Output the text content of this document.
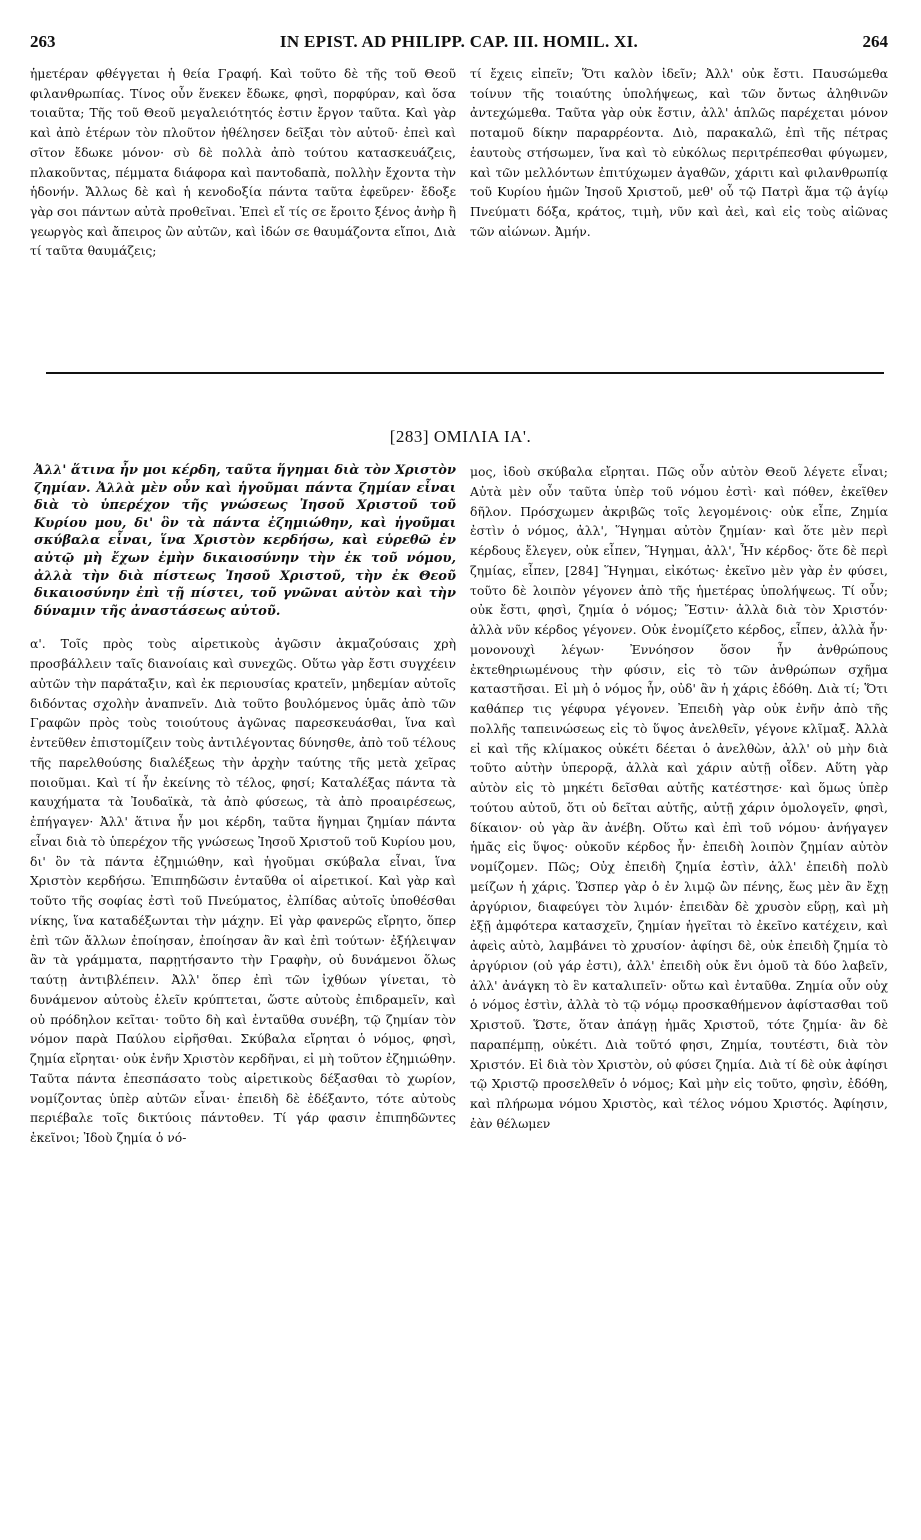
263	IN EPIST. AD PHILIPP. CAP. III. HOMIL. XI.	264

ἡμετέραν φθέγγεται ἡ θεία Γραφή. Καὶ τοῦτο δὲ τῆς τοῦ Θεοῦ φιλανθρωπίας. Τίνος οὖν ἕνεκεν ἔδωκε, φησὶ, πορφύραν, καὶ ὅσα τοιαῦτα; Τῆς τοῦ Θεοῦ μεγαλειότητός ἐστιν ἔργον ταῦτα. Καὶ γὰρ καὶ ἀπὸ ἑτέρων τὸν πλοῦτον ἠθέλησεν δεῖξαι τὸν αὐτοῦ· ἐπεὶ καὶ σῖτον ἔδωκε μόνον· σὺ δὲ πολλὰ ἀπὸ τούτου κατασκευάζεις, πλακοῦντας, πέμματα διάφορα καὶ παντοδαπὰ, πολλὴν ἔχοντα τὴν ἡδονήν. Ἄλλως δὲ καὶ ἡ κενοδοξία πάντα ταῦτα ἐφεῦρεν· ἔδοξε γὰρ σοι πάντων αὐτὰ προθεῖναι. Ἐπεὶ εἴ τίς σε ἔροιτο ξένος ἀνὴρ ἢ γεωργὸς καὶ ἄπειρος ὢν αὐτῶν, καὶ ἰδών σε θαυμάζοντα εἴποι, Διὰ τί ταῦτα θαυμάζεις;

τί ἔχεις εἰπεῖν; Ὅτι καλὸν ἰδεῖν; Ἀλλ' οὐκ ἔστι. Παυσώμεθα τοίνυν τῆς τοιαύτης ὑπολήψεως, καὶ τῶν ὄντως ἀληθινῶν ἀντεχώμεθα. Ταῦτα γὰρ οὐκ ἔστιν, ἀλλ' ἁπλῶς παρέχεται μόνον ποταμοῦ δίκην παραρρέοντα. Διὸ, παρακαλῶ, ἐπὶ τῆς πέτρας ἑαυτοὺς στήσωμεν, ἵνα καὶ τὸ εὐκόλως περιτρέπεσθαι φύγωμεν, καὶ τῶν μελλόντων ἐπιτύχωμεν ἀγαθῶν, χάριτι καὶ φιλανθρωπίᾳ τοῦ Κυρίου ἡμῶν Ἰησοῦ Χριστοῦ, μεθ' οὗ τῷ Πατρὶ ἅμα τῷ ἁγίῳ Πνεύματι δόξα, κράτος, τιμὴ, νῦν καὶ ἀεὶ, καὶ εἰς τοὺς αἰῶνας τῶν αἰώνων. Ἀμήν.

[283] ΟΜΙΛΙΑ ΙΑ'.

Ἀλλ' ἅτινα ἦν μοι κέρδη, ταῦτα ἥγημαι διὰ τὸν Χριστὸν ζημίαν. Ἀλλὰ μὲν οὖν καὶ ἡγοῦμαι πάντα ζημίαν εἶναι διὰ τὸ ὑπερέχον τῆς γνώσεως Ἰησοῦ Χριστοῦ τοῦ Κυρίου μου, δι' ὃν τὰ πάντα ἐζημιώθην, καὶ ἡγοῦμαι σκύβαλα εἶναι, ἵνα Χριστὸν κερδήσω, καὶ εὑρεθῶ ἐν αὐτῷ μὴ ἔχων ἐμὴν δικαιοσύνην τὴν ἐκ τοῦ νόμου, ἀλλὰ τὴν διὰ πίστεως Ἰησοῦ Χριστοῦ, τὴν ἐκ Θεοῦ δικαιοσύνην ἐπὶ τῇ πίστει, τοῦ γνῶναι αὐτὸν καὶ τὴν δύναμιν τῆς ἀναστάσεως αὐτοῦ.

α'. Τοῖς πρὸς τοὺς αἱρετικοὺς ἀγῶσιν ἀκμαζούσαις χρὴ προσβάλλειν ταῖς διανοίαις καὶ συνεχῶς. Οὕτω γὰρ ἔστι συγχέειν αὐτῶν τὴν παράταξιν, καὶ ἐκ περιουσίας κρατεῖν, μηδεμίαν αὐτοῖς διδόντας σχολὴν ἀναπνεῖν. Διὰ τοῦτο βουλόμενος ὑμᾶς ἀπὸ τῶν Γραφῶν πρὸς τοὺς τοιούτους ἀγῶνας παρεσκευάσθαι, ἵνα καὶ ἐντεῦθεν ἐπιστομίζειν τοὺς ἀντιλέγοντας δύνησθε, ἀπὸ τοῦ τέλους τῆς παρελθούσης διαλέξεως τὴν ἀρχὴν ταύτης τῆς μετὰ χεῖρας ποιοῦμαι. Καὶ τί ἦν ἐκείνης τὸ τέλος, φησί; Καταλέξας πάντα τὰ καυχήματα τὰ Ἰουδαϊκὰ, τὰ ἀπὸ φύσεως, τὰ ἀπὸ προαιρέσεως, ἐπήγαγεν· Ἀλλ' ἅτινα ἦν μοι κέρδη, ταῦτα ἥγημαι ζημίαν πάντα εἶναι διὰ τὸ ὑπερέχον τῆς γνώσεως Ἰησοῦ Χριστοῦ τοῦ Κυρίου μου, δι' ὃν τὰ πάντα ἐζημιώθην, καὶ ἡγοῦμαι σκύβαλα εἶναι, ἵνα Χριστὸν κερδήσω. Ἐπιπηδῶσιν ἐνταῦθα οἱ αἱρετικοί. Καὶ γὰρ καὶ τοῦτο τῆς σοφίας ἐστὶ τοῦ Πνεύματος, ἐλπίδας αὐτοῖς ὑποθέσθαι νίκης, ἵνα καταδέξωνται τὴν μάχην. Εἰ γὰρ φανερῶς εἴρητο, ὅπερ ἐπὶ τῶν ἄλλων ἐποίησαν, ἐποίησαν ἂν καὶ ἐπὶ τούτων· ἐξήλειψαν ἂν τὰ γράμματα, παρῃτήσαντο τὴν Γραφὴν, οὐ δυνάμενοι ὅλως ταύτῃ ἀντιβλέπειν. Ἀλλ' ὅπερ ἐπὶ τῶν ἰχθύων γίνεται, τὸ δυνάμενον αὐτοὺς ἑλεῖν κρύπτεται, ὥστε αὐτοὺς ἐπιδραμεῖν, καὶ οὐ πρόδηλον κεῖται· τοῦτο δὴ καὶ ἐνταῦθα συνέβη, τῷ ζημίαν τὸν νόμον παρὰ Παύλου εἰρῆσθαι. Σκύβαλα εἴρηται ὁ νόμος, φησὶ, ζημία εἴρηται· οὐκ ἐνῆν Χριστὸν κερδῆναι, εἰ μὴ τοῦτον ἐζημιώθην. Ταῦτα πάντα ἐπεσπάσατο τοὺς αἱρετικοὺς δέξασθαι τὸ χωρίον, νομίζοντας ὑπὲρ αὐτῶν εἶναι· ἐπειδὴ δὲ ἐδέξαντο, τότε αὐτοὺς περιέβαλε τοῖς δικτύοις πάντοθεν. Τί γάρ φασιν ἐπιπηδῶντες ἐκεῖνοι; Ἰδοὺ ζημία ὁ νό-

μος, ἰδοὺ σκύβαλα εἴρηται. Πῶς οὖν αὐτὸν Θεοῦ λέγετε εἶναι; Αὐτὰ μὲν οὖν ταῦτα ὑπὲρ τοῦ νόμου ἐστὶ· καὶ πόθεν, ἐκεῖθεν δῆλον. Πρόσχωμεν ἀκριβῶς τοῖς λεγομένοις· οὐκ εἶπε, Ζημία ἐστὶν ὁ νόμος, ἀλλ', Ἥγημαι αὐτὸν ζημίαν· καὶ ὅτε μὲν περὶ κέρδους ἔλεγεν, οὐκ εἶπεν, Ἥγημαι, ἀλλ', Ἦν κέρδος· ὅτε δὲ περὶ ζημίας, εἶπεν, [284] Ἥγημαι, εἰκότως· ἐκεῖνο μὲν γὰρ ἐν φύσει, τοῦτο δὲ λοιπὸν γέγονεν ἀπὸ τῆς ἡμετέρας ὑπολήψεως. Τί οὖν; οὐκ ἔστι, φησὶ, ζημία ὁ νόμος; Ἔστιν· ἀλλὰ διὰ τὸν Χριστόν· ἀλλὰ νῦν κέρδος γέγονεν. Οὐκ ἐνομίζετο κέρδος, εἶπεν, ἀλλὰ ἦν· μονονουχὶ λέγων· Ἐννόησον ὅσον ἦν ἀνθρώπους ἐκτεθηριωμένους τὴν φύσιν, εἰς τὸ τῶν ἀνθρώπων σχῆμα καταστῆσαι. Εἰ μὴ ὁ νόμος ἦν, οὐδ' ἂν ἡ χάρις ἐδόθη. Διὰ τί; Ὅτι καθάπερ τις γέφυρα γέγονεν. Ἐπειδὴ γὰρ οὐκ ἐνῆν ἀπὸ τῆς πολλῆς ταπεινώσεως εἰς τὸ ὕψος ἀνελθεῖν, γέγονε κλῖμαξ. Ἀλλὰ εἰ καὶ τῆς κλίμακος οὐκέτι δέεται ὁ ἀνελθὼν, ἀλλ' οὐ μὴν διὰ τοῦτο αὐτὴν ὑπερορᾷ, ἀλλὰ καὶ χάριν αὐτῇ οἶδεν. Αὕτη γὰρ αὐτὸν εἰς τὸ μηκέτι δεῖσθαι αὐτῆς κατέστησε· καὶ ὅμως ὑπὲρ τούτου αὐτοῦ, ὅτι οὐ δεῖται αὐτῆς, αὐτῇ χάριν ὁμολογεῖν, φησὶ, δίκαιον· οὐ γὰρ ἂν ἀνέβη. Οὕτω καὶ ἐπὶ τοῦ νόμου· ἀνήγαγεν ἡμᾶς εἰς ὕψος· οὐκοῦν κέρδος ἦν· ἐπειδὴ λοιπὸν ζημίαν αὐτὸν νομίζομεν. Πῶς; Οὐχ ἐπειδὴ ζημία ἐστὶν, ἀλλ' ἐπειδὴ πολὺ μείζων ἡ χάρις. Ὥσπερ γὰρ ὁ ἐν λιμῷ ὢν πένης, ἕως μὲν ἂν ἔχῃ ἀργύριον, διαφεύγει τὸν λιμόν· ἐπειδὰν δὲ χρυσὸν εὕρῃ, καὶ μὴ ἐξῇ ἀμφότερα κατασχεῖν, ζημίαν ἡγεῖται τὸ ἐκεῖνο κατέχειν, καὶ ἀφεὶς αὐτὸ, λαμβάνει τὸ χρυσίον· ἀφίησι δὲ, οὐκ ἐπειδὴ ζημία τὸ ἀργύριον (οὐ γάρ ἐστι), ἀλλ' ἐπειδὴ οὐκ ἔνι ὁμοῦ τὰ δύο λαβεῖν, ἀλλ' ἀνάγκη τὸ ἓν καταλιπεῖν· οὕτω καὶ ἐνταῦθα. Ζημία οὖν οὐχ ὁ νόμος ἐστὶν, ἀλλὰ τὸ τῷ νόμῳ προσκαθήμενον ἀφίστασθαι τοῦ Χριστοῦ. Ὥστε, ὅταν ἀπάγῃ ἡμᾶς Χριστοῦ, τότε ζημία· ἂν δὲ παραπέμπῃ, οὐκέτι. Διὰ τοῦτό φησι, Ζημία, τουτέστι, διὰ τὸν Χριστόν. Εἰ διὰ τὸν Χριστὸν, οὐ φύσει ζημία. Διὰ τί δὲ οὐκ ἀφίησι τῷ Χριστῷ προσελθεῖν ὁ νόμος; Καὶ μὴν εἰς τοῦτο, φησὶν, ἐδόθη, καὶ πλήρωμα νόμου Χριστὸς, καὶ τέλος νόμου Χριστός. Ἀφίησιν, ἐὰν θέλωμεν
